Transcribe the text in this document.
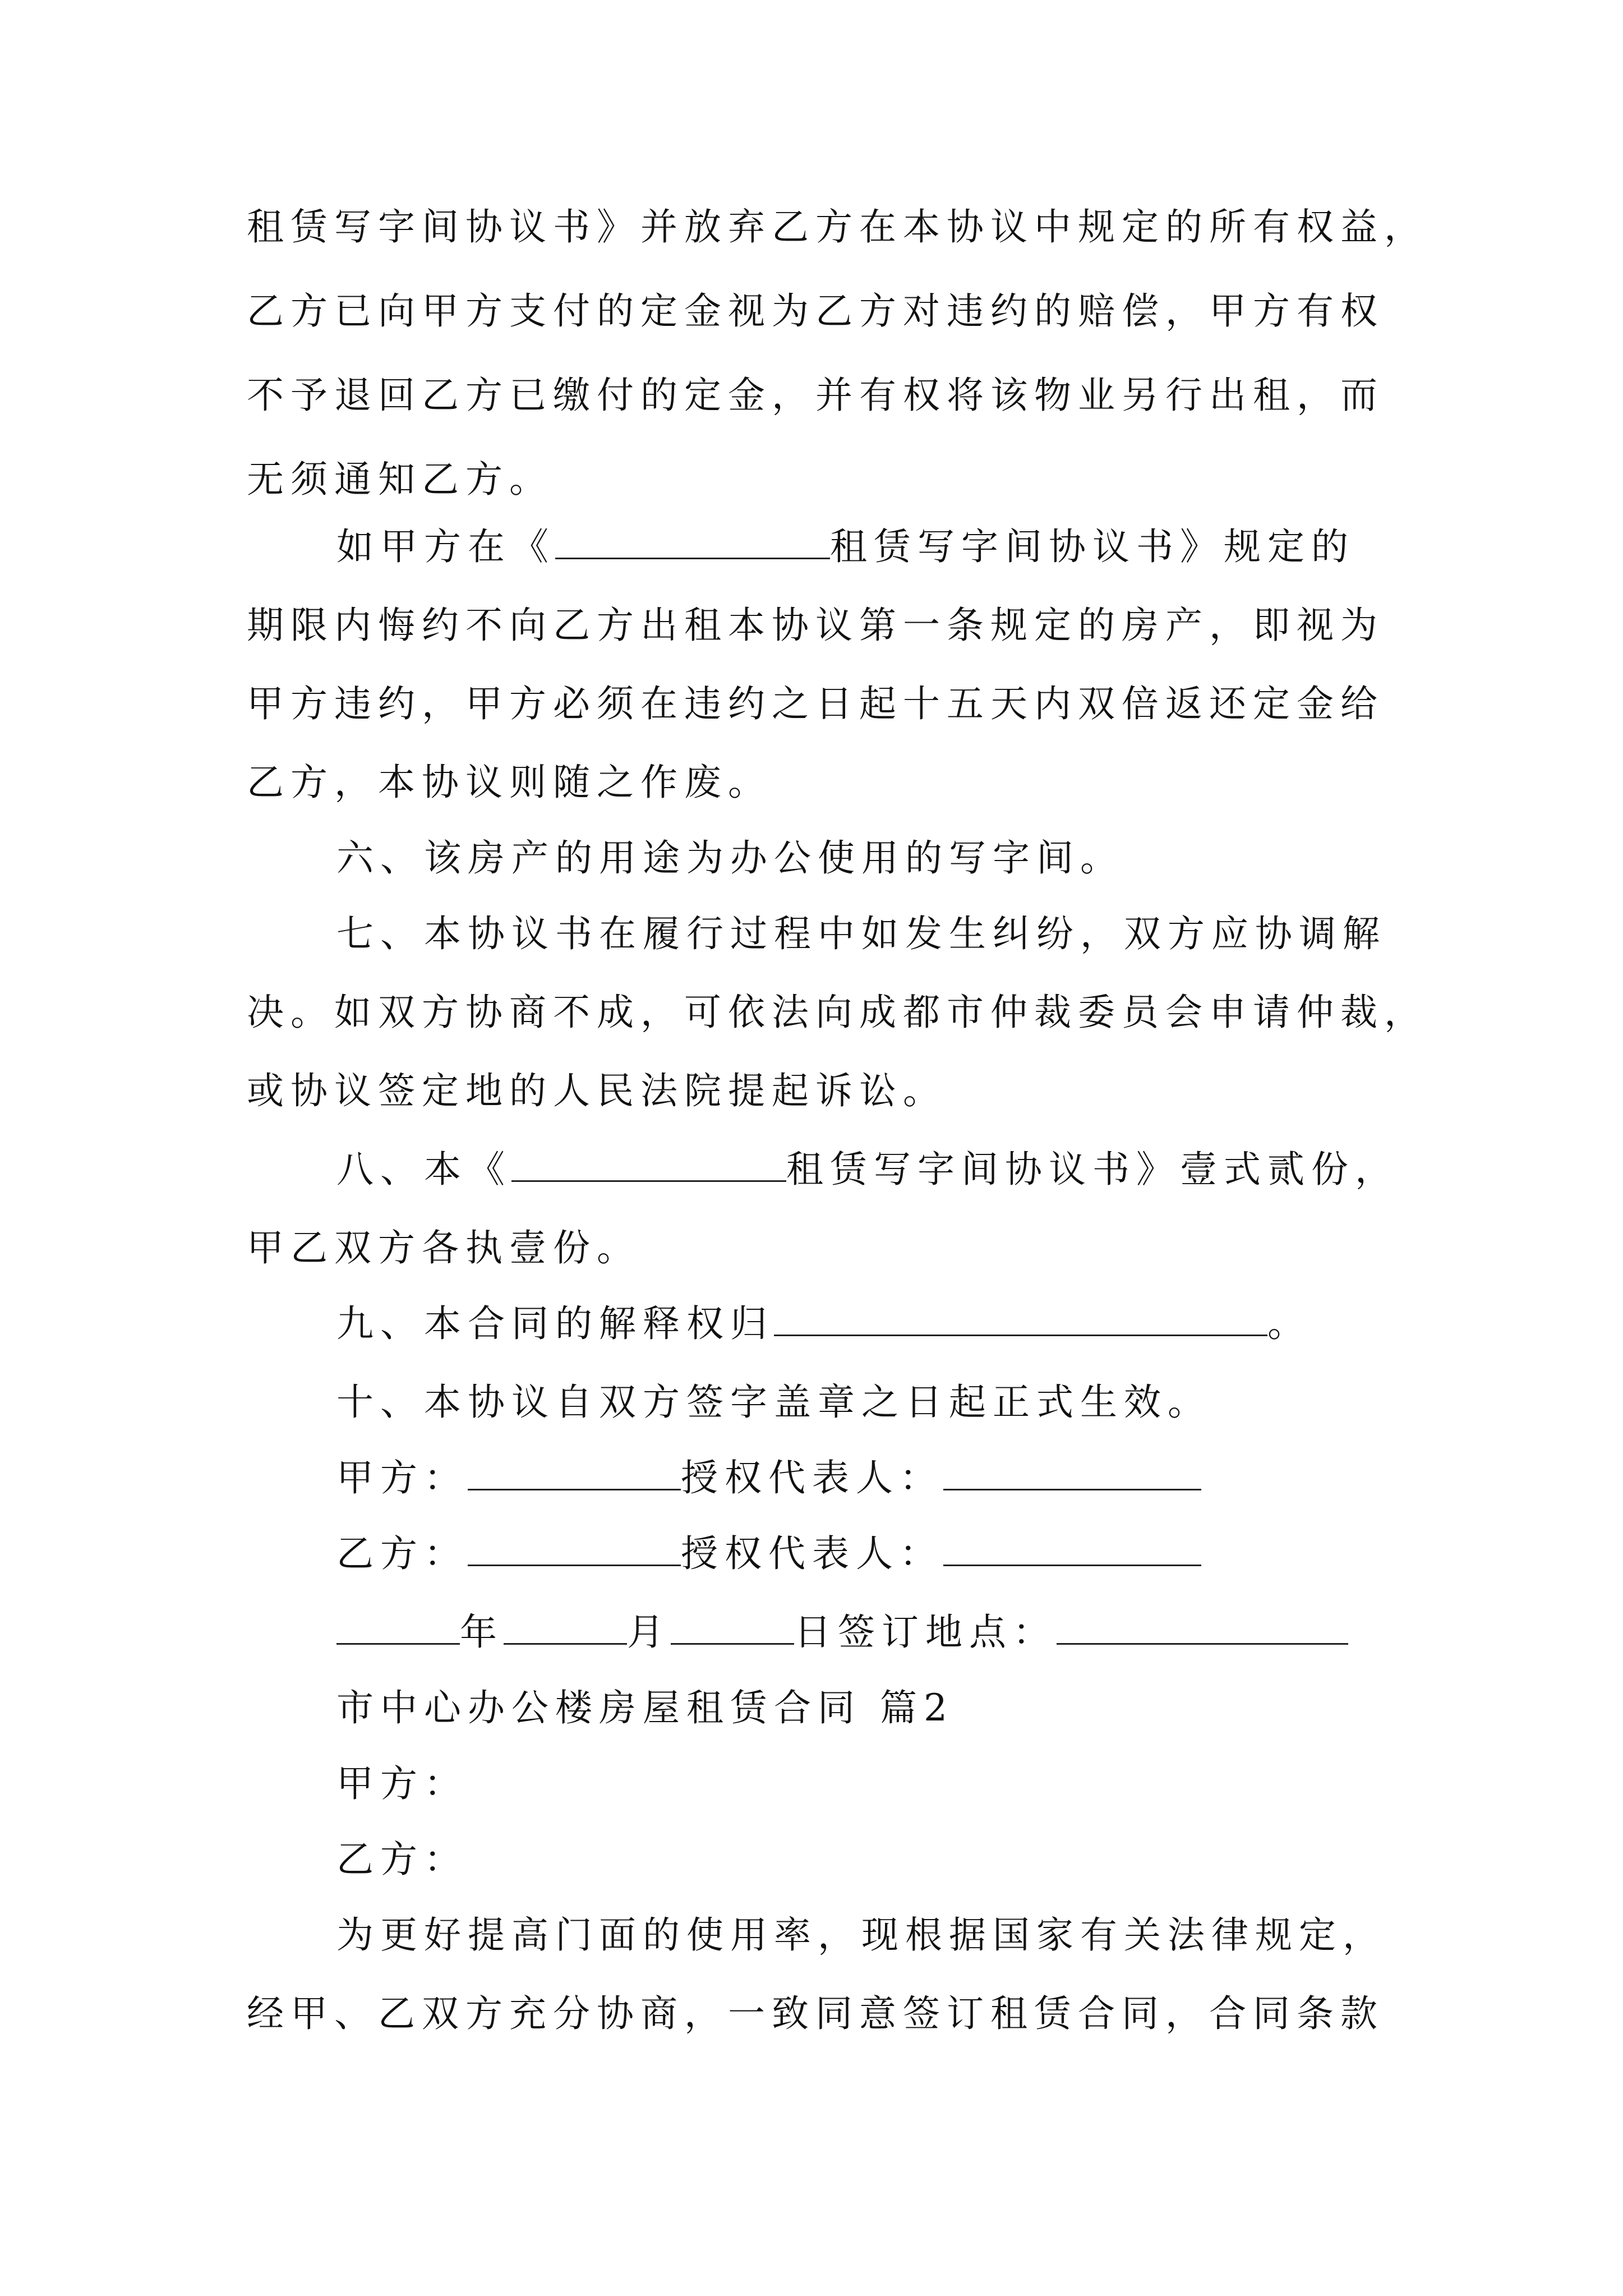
租赁写字间协议书》并放弃乙方在本协议中规定的所有权益，
乙方已向甲方支付的定金视为乙方对违约的赔偿，甲方有权
不予退回乙方已缴付的定金，并有权将该物业另行出租，而
无须通知乙方。
如甲方在《	租赁写字间协议书》规定的
期限内悔约不向乙方出租本协议第一条规定的房产，即视为
甲方违约，甲方必须在违约之日起十五天内双倍返还定金给
乙方，本协议则随之作废。
六、该房产的用途为办公使用的写字间。
七、本协议书在履行过程中如发生纠纷，双方应协调解
决。如双方协商不成，可依法向成都市仲裁委员会申请仲裁，
或协议签定地的人民法院提起诉讼。
八、本《	租赁写字间协议书》壹式贰份，
甲乙双方各执壹份。
九、本合同的解释权归	。
十、本协议自双方签字盖章之日起正式生效。
甲方：	授权代表人：
乙方：	授权代表人：
年	月	日签订地点：
市中心办公楼房屋租赁合同 篇2
甲方：
乙方：
为更好提高门面的使用率，现根据国家有关法律规定，
经甲、乙双方充分协商，一致同意签订租赁合同，合同条款
